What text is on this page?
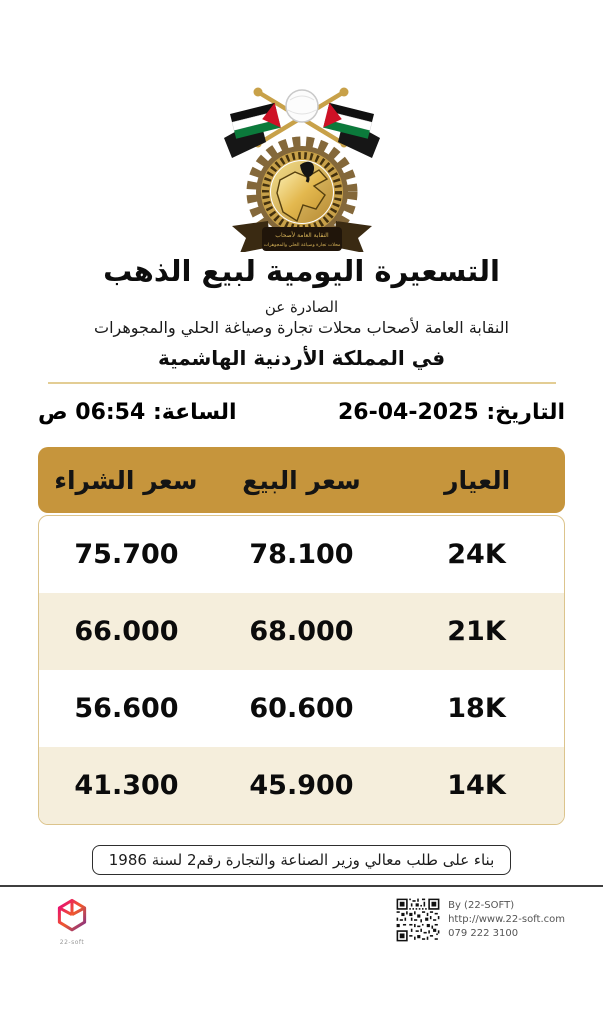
النقابة العامة لأصحاب
محلات تجارة وصياغة الحلي والمجوهرات
التسعيرة اليومية لبيع الذهب
الصادرة عن
النقابة العامة لأصحاب محلات تجارة وصياغة الحلي والمجوهرات
في المملكة الأردنية الهاشمية
التاريخ: 26-04-2025
الساعة: 06:54 ص
العيار
سعر البيع
سعر الشراء
24K
78.100
75.700
21K
68.000
66.000
18K
60.600
56.600
14K
45.900
41.300
بناء على طلب معالي وزير الصناعة والتجارة رقم2 لسنة 1986
22-soft
By (22-SOFT)
http://www.22-soft.com
079 222 3100
